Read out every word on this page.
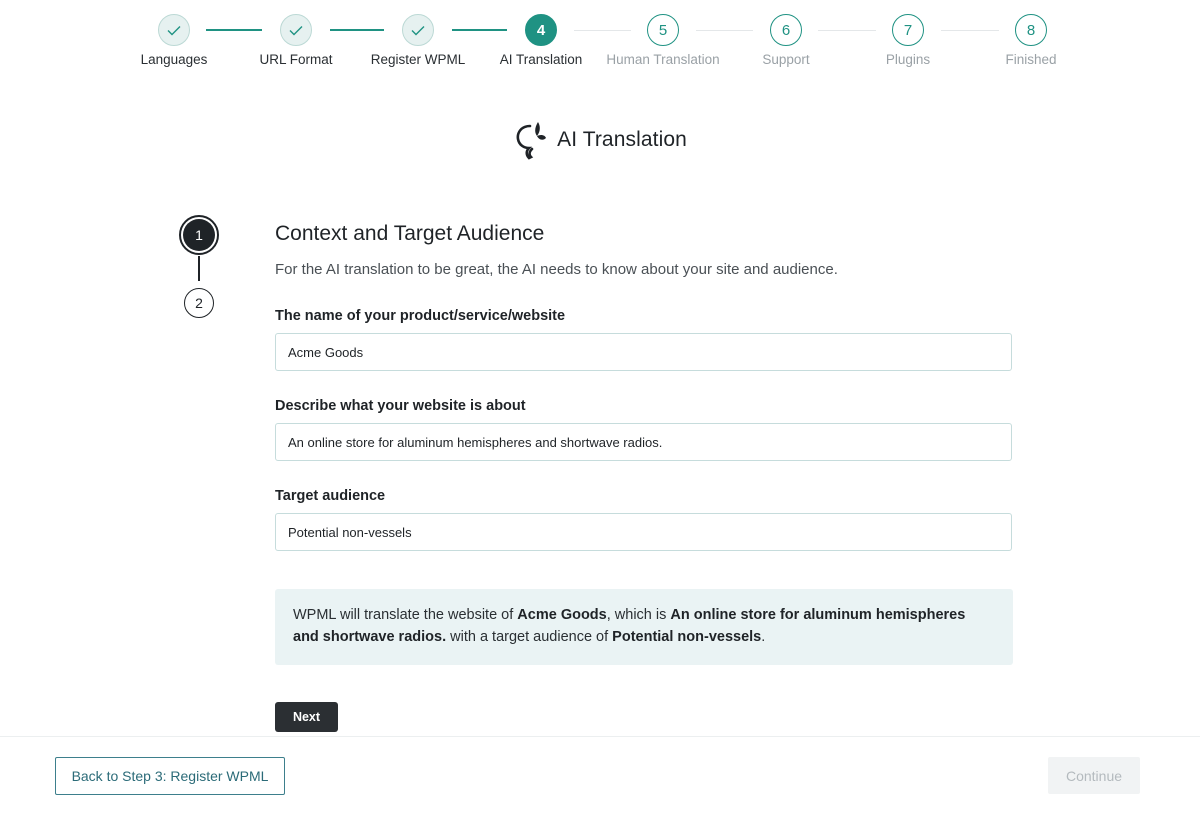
Languages	URL Format	Register WPML
4
AI Translation
5
Human Translation
6
Support
7
Plugins
8
Finished
AI Translation
1
2
Context and Target Audience

For the AI translation to be great, the AI needs to know about your site and audience.

The name of your product/service/website
Acme Goods
Describe what your website is about
An online store for aluminum hemispheres and shortwave radios.
Target audience
Potential non-vessels
WPML will translate the website of Acme Goods, which is An online store for aluminum hemispheres and shortwave radios. with a target audience of Potential non-vessels.
Next
Back to Step 3: Register WPML	Continue
